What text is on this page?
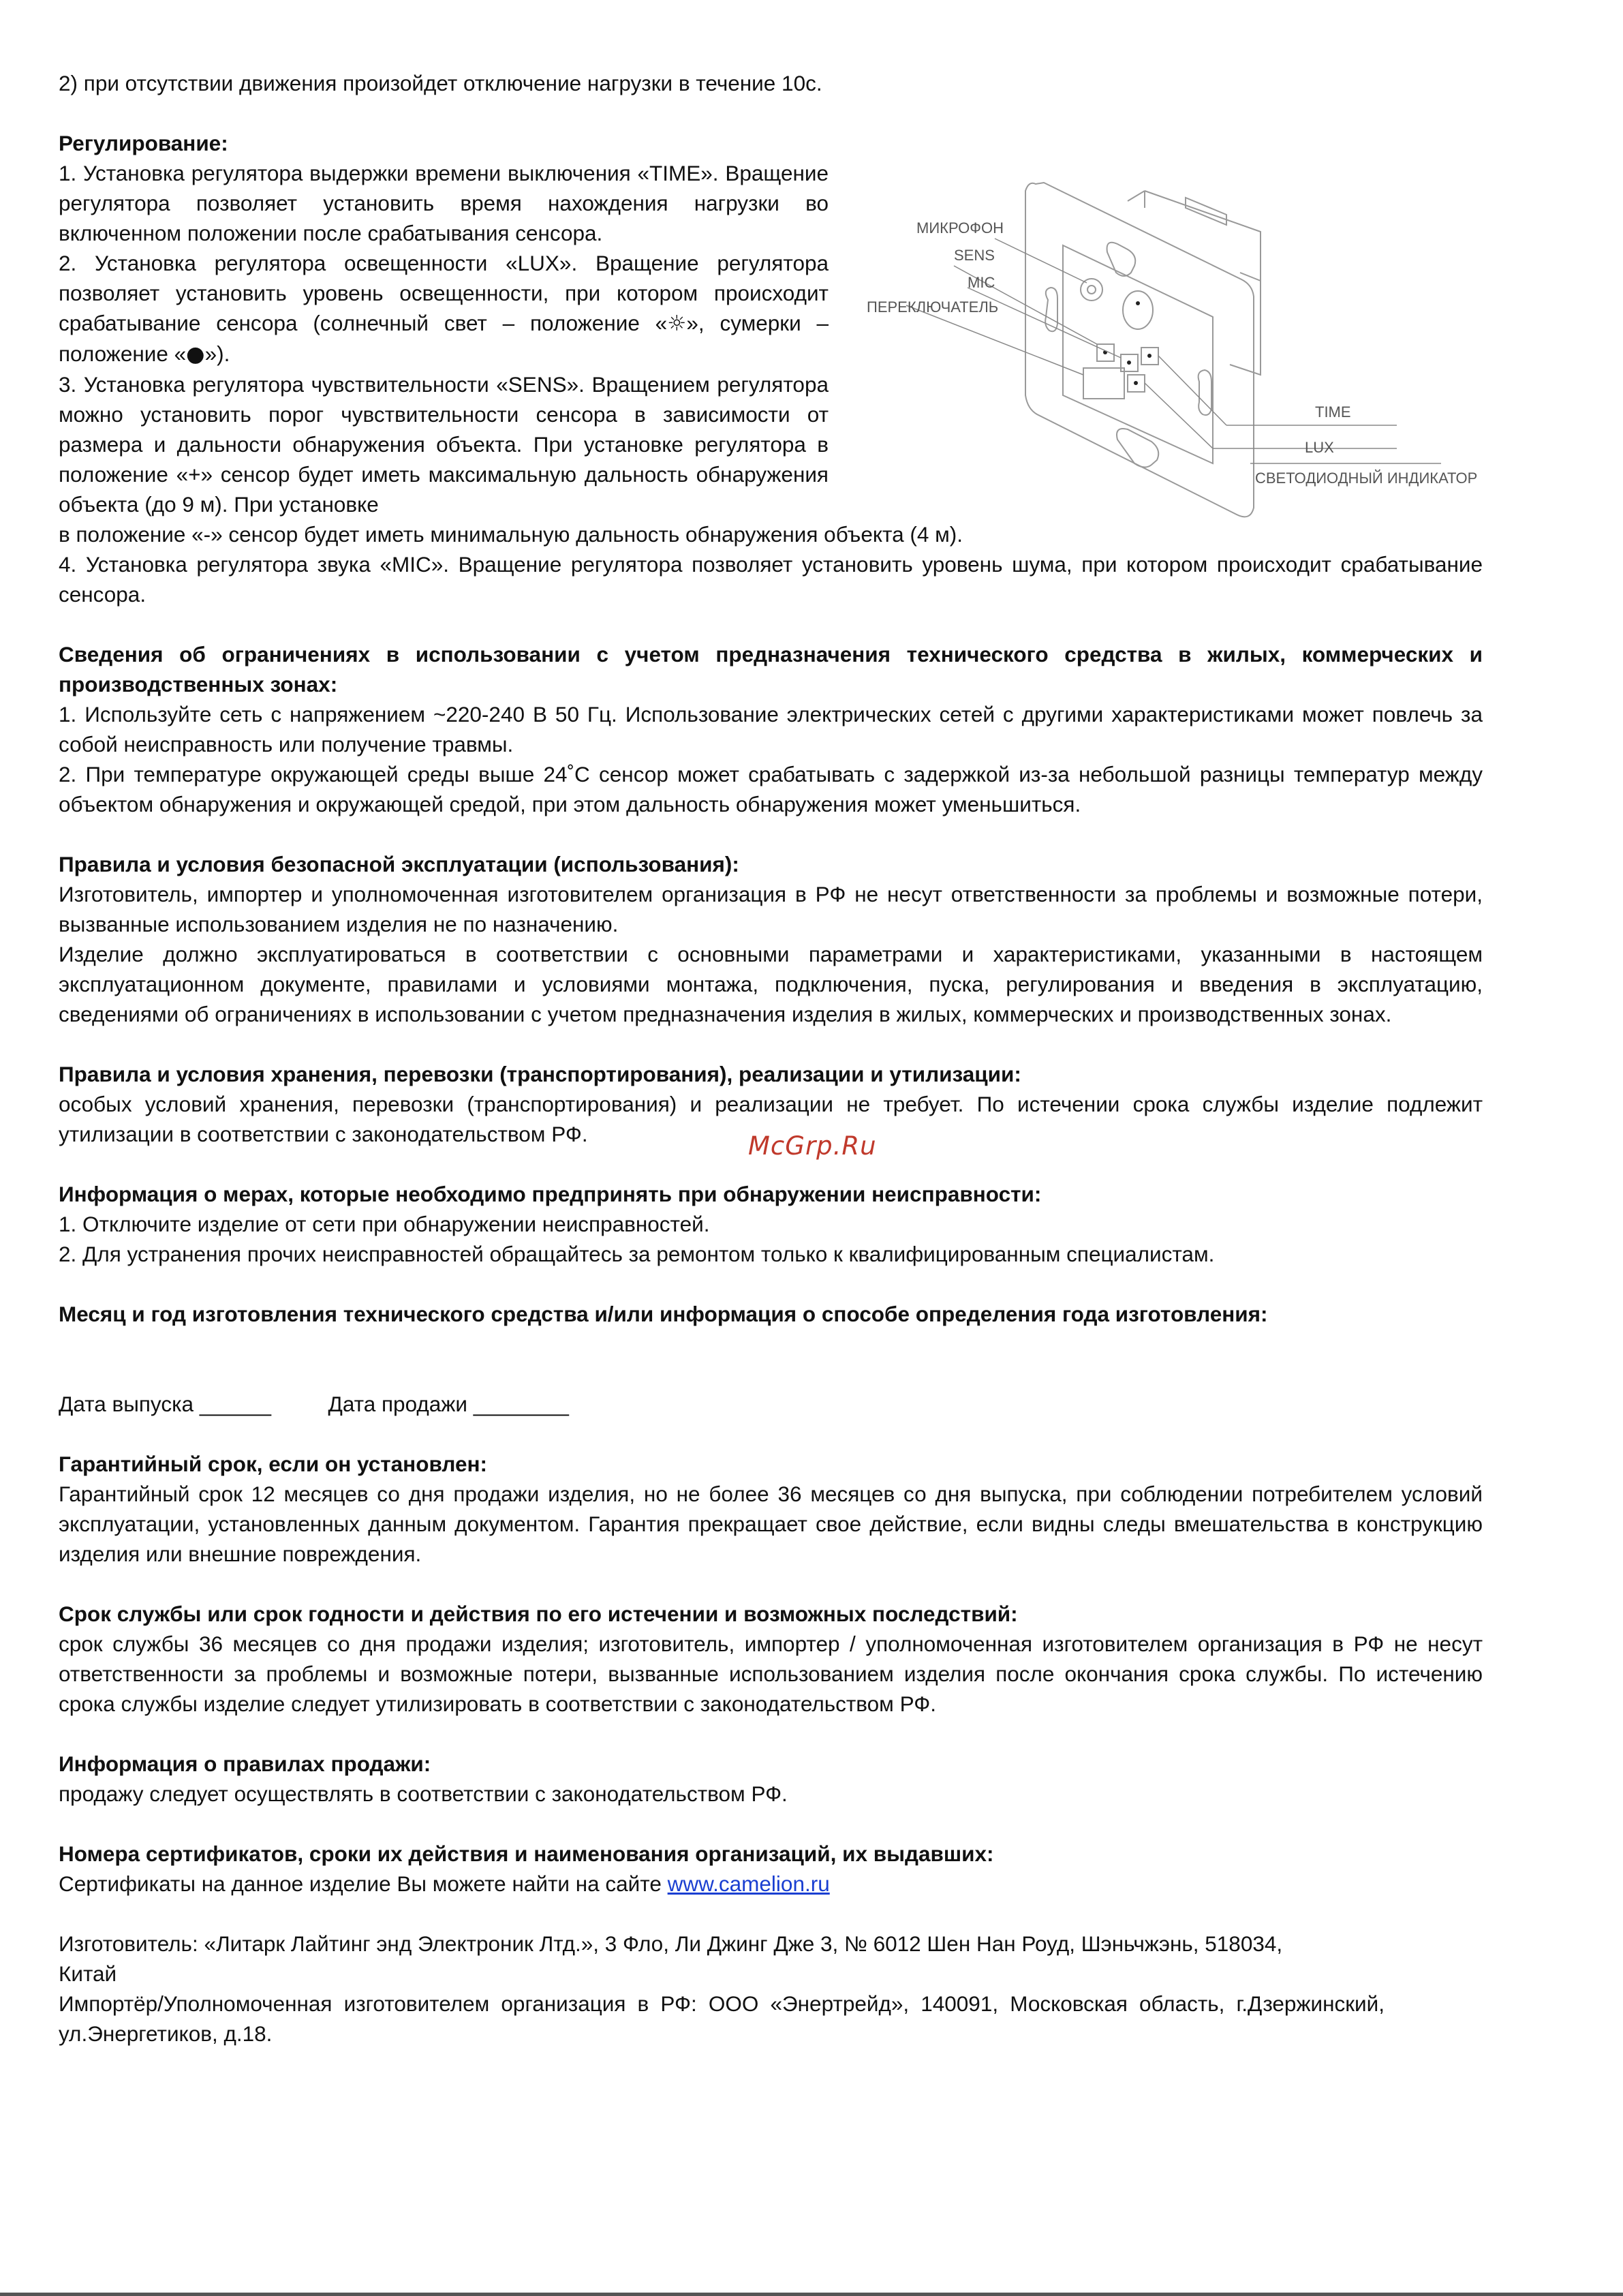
2) при отсутствии движения произойдет отключение нагрузки в течение 10с.

Регулирование:

1. Установка регулятора выдержки времени выключения «TIME». Вращение регулятора позволяет установить время нахождения нагрузки во включенном положении после срабатывания сенсора.

2. Установка регулятора освещенности «LUX». Вращение регулятора позволяет установить уровень освещенности, при котором происходит срабатывание сенсора (солнечный свет – положение «☼», сумерки – положение «●»).

3. Установка регулятора чувствительности «SENS». Вращением регулятора можно установить порог чувствительности сенсора в зависимости от размера и дальности обнаружения объекта. При установке регулятора в положение «+» сенсор будет иметь максимальную дальность обнаружения объекта (до 9 м). При установке

в положение «-» сенсор будет иметь минимальную дальность обнаружения объекта (4 м).

4. Установка регулятора звука «MIC». Вращение регулятора позволяет установить уровень шума, при котором происходит срабатывание сенсора.

Сведения об ограничениях в использовании с учетом предназначения технического средства в жилых, коммерческих и производственных зонах:

1. Используйте сеть с напряжением ~220-240 В 50 Гц. Использование электрических сетей с другими характеристиками может повлечь за собой неисправность или получение травмы.

2. При температуре окружающей среды выше 24˚С сенсор может срабатывать с задержкой из-за небольшой разницы температур между объектом обнаружения и окружающей средой, при этом дальность обнаружения может уменьшиться.

Правила и условия безопасной эксплуатации (использования):

Изготовитель, импортер и уполномоченная изготовителем организация в РФ не несут ответственности за проблемы и возможные потери, вызванные использованием изделия не по назначению.

Изделие должно эксплуатироваться в соответствии с основными параметрами и характеристиками, указанными в настоящем эксплуатационном документе, правилами и условиями монтажа, подключения, пуска, регулирования и введения в эксплуатацию, сведениями об ограничениях в использовании с учетом предназначения изделия в жилых, коммерческих и производственных зонах.

Правила и условия хранения, перевозки (транспортирования), реализации и утилизации:

особых условий хранения, перевозки (транспортирования) и реализации не требует. По истечении срока службы изделие подлежит утилизации в соответствии с законодательством РФ.

Информация о мерах, которые необходимо предпринять при обнаружении неисправности:

1. Отключите изделие от сети при обнаружении неисправностей.

2. Для устранения прочих неисправностей обращайтесь за ремонтом только к квалифицированным специалистам.

Месяц и год изготовления технического средства и/или информация о способе определения года изготовления:

Дата выпуска ______	Дата продажи ________

Гарантийный срок, если он установлен:

Гарантийный срок 12 месяцев со дня продажи изделия, но не более 36 месяцев со дня выпуска, при соблюдении потребителем условий эксплуатации, установленных данным документом. Гарантия прекращает свое действие, если видны следы вмешательства в конструкцию изделия или внешние повреждения.

Срок службы или срок годности и действия по его истечении и возможных последствий:

срок службы 36 месяцев со дня продажи изделия; изготовитель, импортер / уполномоченная изготовителем организация в РФ не несут ответственности за проблемы и возможные потери, вызванные использованием изделия после окончания срока службы. По истечению срока службы изделие следует утилизировать в соответствии с законодательством РФ.

Информация о правилах продажи:

продажу следует осуществлять в соответствии с законодательством РФ.

Номера сертификатов, сроки их действия и наименования организаций, их выдавших:

Сертификаты на данное изделие Вы можете найти на сайте www.camelion.ru

Изготовитель: «Литарк Лайтинг энд Электроник Лтд.», 3 Фло, Ли Джинг Дже 3, № 6012 Шен Нан Роуд, Шэньчжэнь, 518034,

Китай

Импортёр/Уполномоченная изготовителем организация в РФ: ООО «Энертрейд», 140091, Московская область, г.Дзержинский, ул.Энергетиков, д.18.

МИКРОФОН
SENS
MIC
ПЕРЕКЛЮЧАТЕЛЬ
TIME
LUX
СВЕТОДИОДНЫЙ ИНДИКАТОР
McGrp.Ru
